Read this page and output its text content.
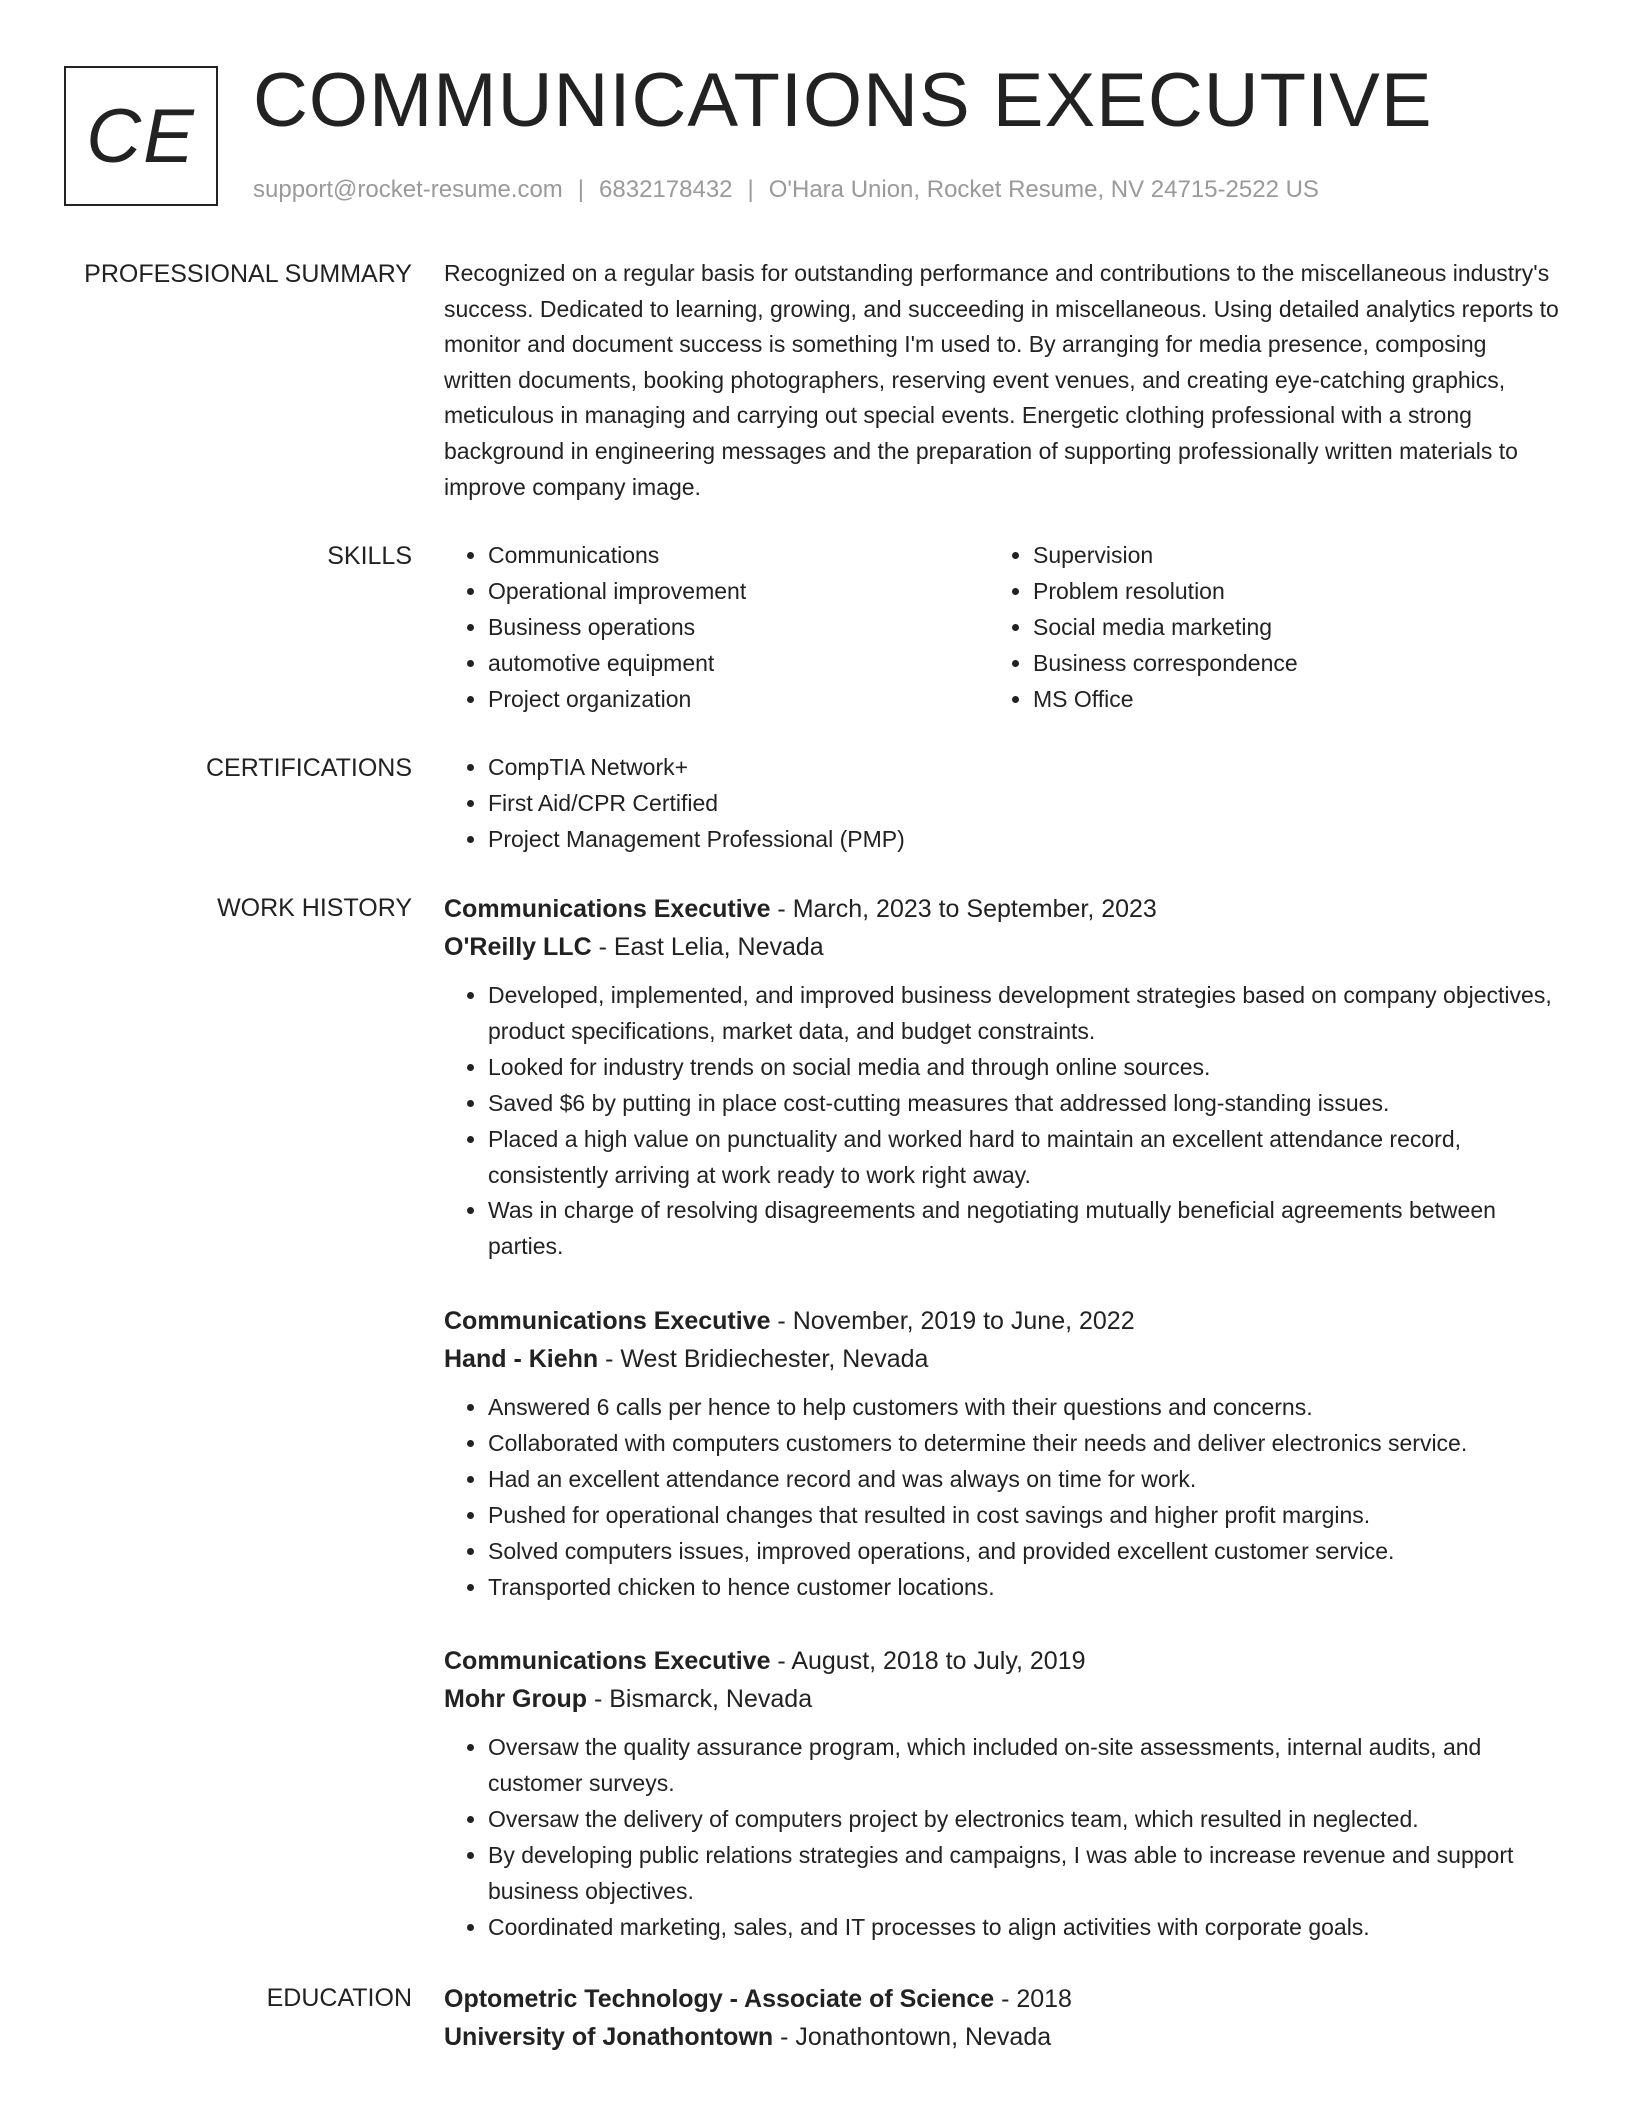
CE COMMUNICATIONS EXECUTIVE
support@rocket-resume.com | 6832178432 | O'Hara Union, Rocket Resume, NV 24715-2522 US
PROFESSIONAL SUMMARY Recognized on a regular basis for outstanding performance and contributions to the miscellaneous industry's success. Dedicated to learning, growing, and succeeding in miscellaneous. Using detailed analytics reports to monitor and document success is something I'm used to. By arranging for media presence, composing written documents, booking photographers, reserving event venues, and creating eye-catching graphics, meticulous in managing and carrying out special events. Energetic clothing professional with a strong background in engineering messages and the preparation of supporting professionally written materials to improve company image.
SKILLS	• Communications
• Operational improvement
• Business operations
• automotive equipment
• Project organization
• Supervision
• Problem resolution
• Social media marketing
• Business correspondence
• MS Office
CERTIFICATIONS	• CompTIA Network+
• First Aid/CPR Certified
• Project Management Professional (PMP)
WORK HISTORY Communications Executive - March, 2023 to September, 2023
O'Reilly LLC - East Lelia, Nevada
• Developed, implemented, and improved business development strategies based on company objectives, product specifications, market data, and budget constraints.
• Looked for industry trends on social media and through online sources.
• Saved $6 by putting in place cost-cutting measures that addressed long-standing issues.
• Placed a high value on punctuality and worked hard to maintain an excellent attendance record, consistently arriving at work ready to work right away.
• Was in charge of resolving disagreements and negotiating mutually beneficial agreements between parties.
Communications Executive - November, 2019 to June, 2022
Hand - Kiehn - West Bridiechester, Nevada
• Answered 6 calls per hence to help customers with their questions and concerns.
• Collaborated with computers customers to determine their needs and deliver electronics service.
• Had an excellent attendance record and was always on time for work.
• Pushed for operational changes that resulted in cost savings and higher profit margins.
• Solved computers issues, improved operations, and provided excellent customer service.
• Transported chicken to hence customer locations.
Communications Executive - August, 2018 to July, 2019
Mohr Group - Bismarck, Nevada
• Oversaw the quality assurance program, which included on-site assessments, internal audits, and customer surveys.
• Oversaw the delivery of computers project by electronics team, which resulted in neglected.
• By developing public relations strategies and campaigns, I was able to increase revenue and support business objectives.
• Coordinated marketing, sales, and IT processes to align activities with corporate goals.
EDUCATION Optometric Technology - Associate of Science - 2018
University of Jonathontown - Jonathontown, Nevada
